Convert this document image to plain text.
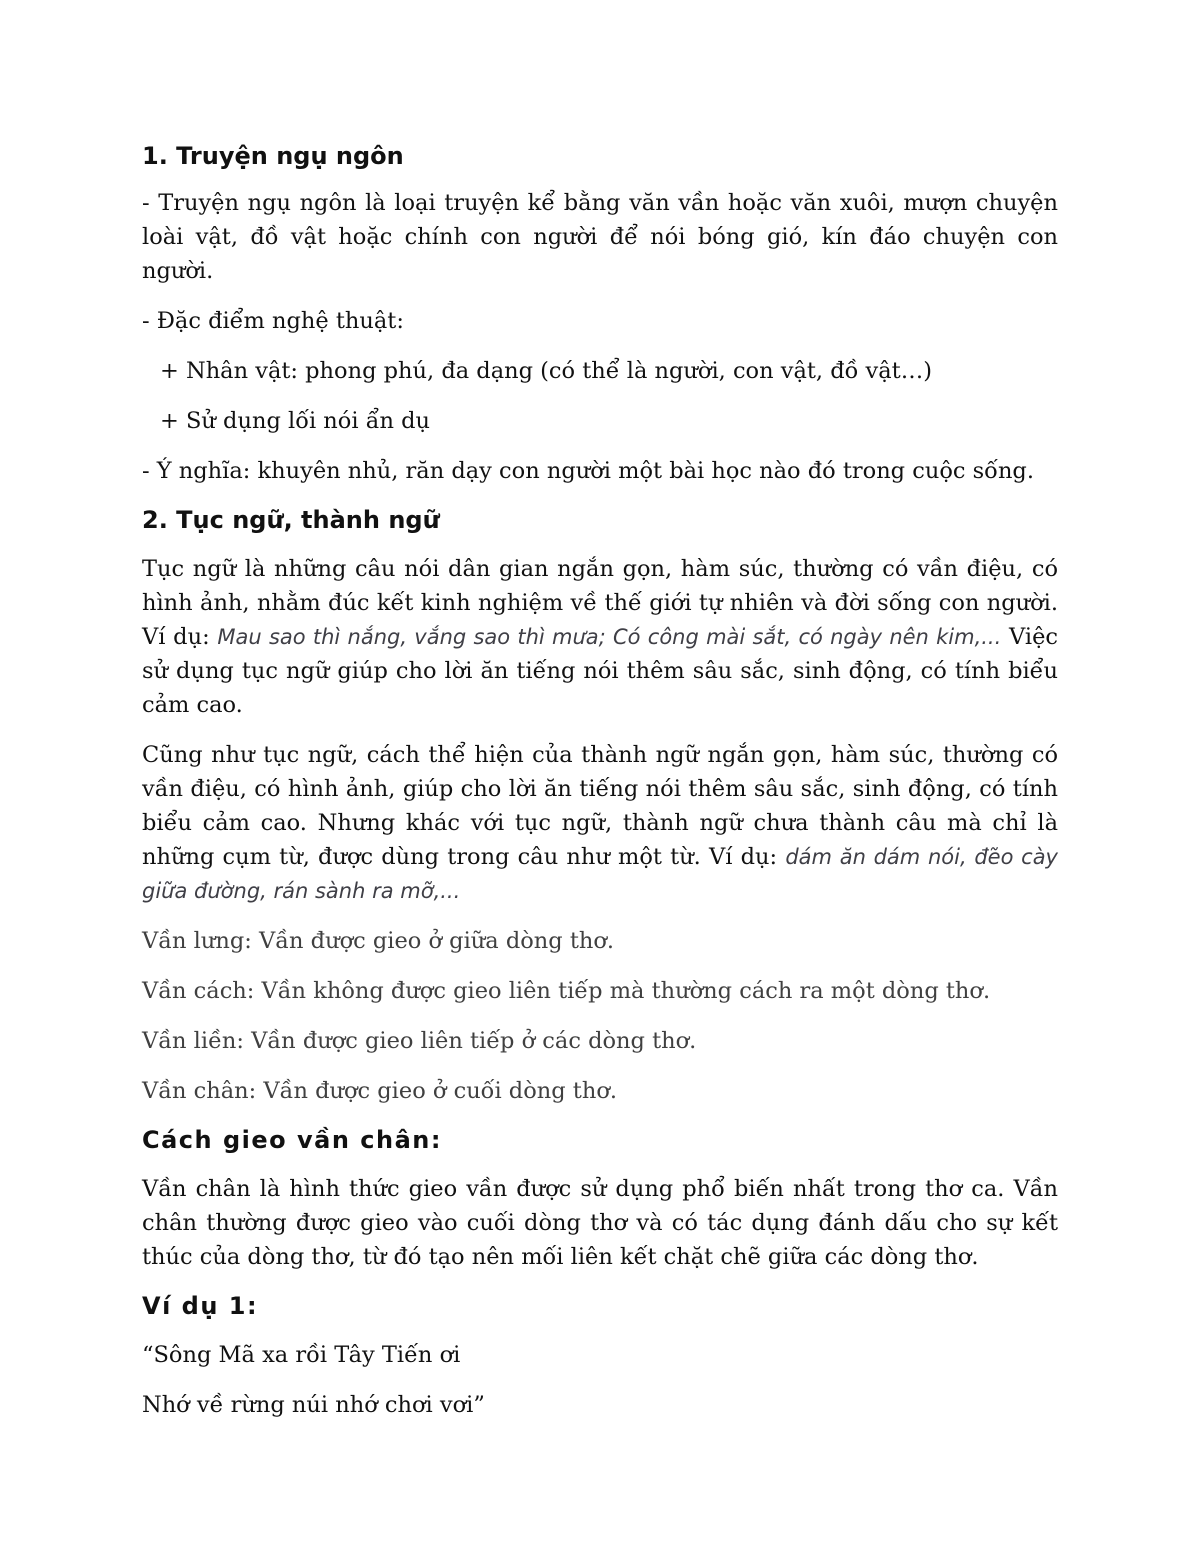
1. Truyện ngụ ngôn

- Truyện ngụ ngôn là loại truyện kể bằng văn vần hoặc văn xuôi, mượn chuyện loài vật, đồ vật hoặc chính con người để nói bóng gió, kín đáo chuyện con người.

- Đặc điểm nghệ thuật:

+ Nhân vật: phong phú, đa dạng (có thể là người, con vật, đồ vật…)

+ Sử dụng lối nói ẩn dụ

- Ý nghĩa: khuyên nhủ, răn dạy con người một bài học nào đó trong cuộc sống.

2. Tục ngữ, thành ngữ

Tục ngữ là những câu nói dân gian ngắn gọn, hàm súc, thường có vần điệu, có hình ảnh, nhằm đúc kết kinh nghiệm về thế giới tự nhiên và đời sống con người. Ví dụ: Mau sao thì nắng, vắng sao thì mưa; Có công mài sắt, có ngày nên kim,... Việc sử dụng tục ngữ giúp cho lời ăn tiếng nói thêm sâu sắc, sinh động, có tính biểu cảm cao.

Cũng như tục ngữ, cách thể hiện của thành ngữ ngắn gọn, hàm súc, thường có vần điệu, có hình ảnh, giúp cho lời ăn tiếng nói thêm sâu sắc, sinh động, có tính biểu cảm cao. Nhưng khác với tục ngữ, thành ngữ chưa thành câu mà chỉ là những cụm từ, được dùng trong câu như một từ. Ví dụ: dám ăn dám nói, đẽo cày giữa đường, rán sành ra mỡ,...

Vần lưng: Vần được gieo ở giữa dòng thơ.

Vần cách: Vần không được gieo liên tiếp mà thường cách ra một dòng thơ.

Vần liền: Vần được gieo liên tiếp ở các dòng thơ.

Vần chân: Vần được gieo ở cuối dòng thơ.

Cách gieo vần chân:

Vần chân là hình thức gieo vần được sử dụng phổ biến nhất trong thơ ca. Vần chân thường được gieo vào cuối dòng thơ và có tác dụng đánh dấu cho sự kết thúc của dòng thơ, từ đó tạo nên mối liên kết chặt chẽ giữa các dòng thơ.

Ví dụ 1:

“Sông Mã xa rồi Tây Tiến ơi

Nhớ về rừng núi nhớ chơi vơi”
